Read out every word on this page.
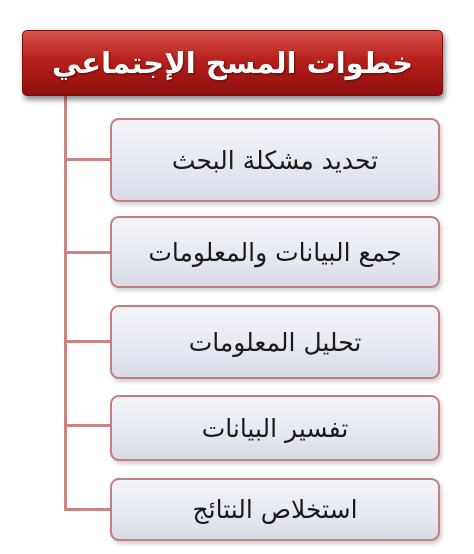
خطوات المسح الإجتماعي
تحديد مشكلة البحث
جمع البيانات والمعلومات
تحليل المعلومات
تفسير البيانات
استخلاص النتائج
